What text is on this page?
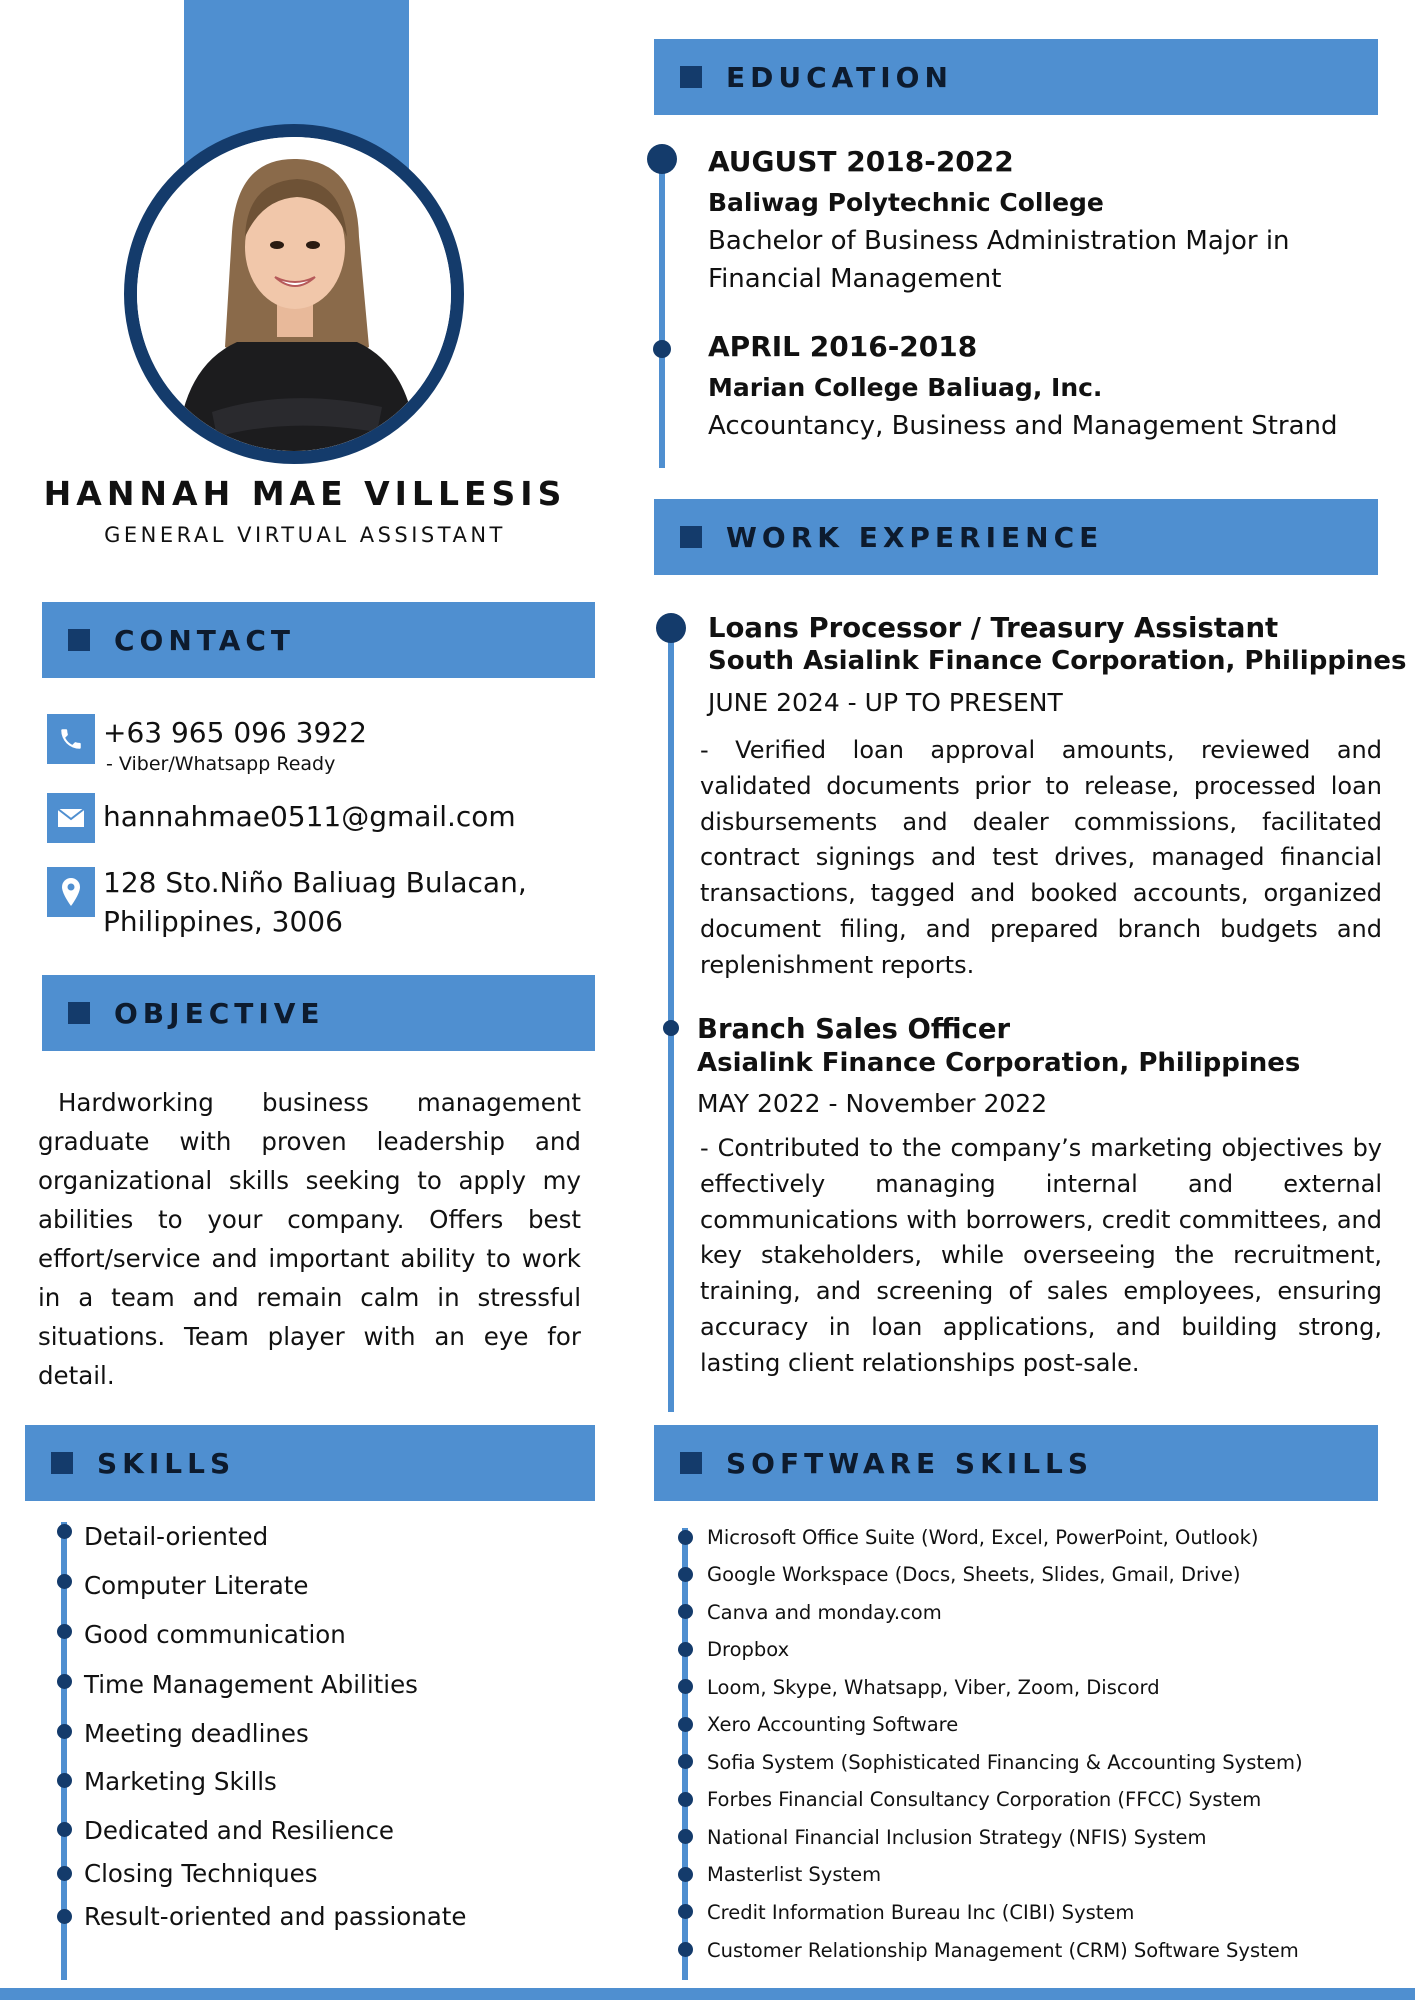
HANNAH MAE VILLESIS
GENERAL VIRTUAL ASSISTANT
CONTACT
+63 965 096 3922
- Viber/Whatsapp Ready
hannahmae0511@gmail.com
128 Sto.Niño Baliuag Bulacan,
Philippines, 3006
OBJECTIVE
Hardworking business management graduate with proven leadership and organizational skills seeking to apply my abilities to your company. Offers best effort/service and important ability to work in a team and remain calm in stressful situations. Team player with an eye for detail.
SKILLS
Detail-oriented
Computer Literate
Good communication
Time Management Abilities
Meeting deadlines
Marketing Skills
Dedicated and Resilience
Closing Techniques
Result-oriented and passionate
EDUCATION
AUGUST 2018-2022
Baliwag Polytechnic College
Bachelor of Business Administration Major in
Financial Management
APRIL 2016-2018
Marian College Baliuag, Inc.
Accountancy, Business and Management Strand
WORK EXPERIENCE
Loans Processor / Treasury Assistant
South Asialink Finance Corporation, Philippines
JUNE 2024 - UP TO PRESENT
- Verified loan approval amounts, reviewed and validated documents prior to release, processed loan disbursements and dealer commissions, facilitated contract signings and test drives, managed financial transactions, tagged and booked accounts, organized document filing, and prepared branch budgets and replenishment reports.
Branch Sales Officer
Asialink Finance Corporation, Philippines
MAY 2022 - November 2022
- Contributed to the company’s marketing objectives by effectively managing internal and external communications with borrowers, credit committees, and key stakeholders, while overseeing the recruitment, training, and screening of sales employees, ensuring accuracy in loan applications, and building strong, lasting client relationships post-sale.
SOFTWARE SKILLS
Microsoft Office Suite (Word, Excel, PowerPoint, Outlook)
Google Workspace (Docs, Sheets, Slides, Gmail, Drive)
Canva and monday.com
Dropbox
Loom, Skype, Whatsapp, Viber, Zoom, Discord
Xero Accounting Software
Sofia System (Sophisticated Financing & Accounting System)
Forbes Financial Consultancy Corporation (FFCC) System
National Financial Inclusion Strategy (NFIS) System
Masterlist System
Credit Information Bureau Inc (CIBI) System
Customer Relationship Management (CRM) Software System
